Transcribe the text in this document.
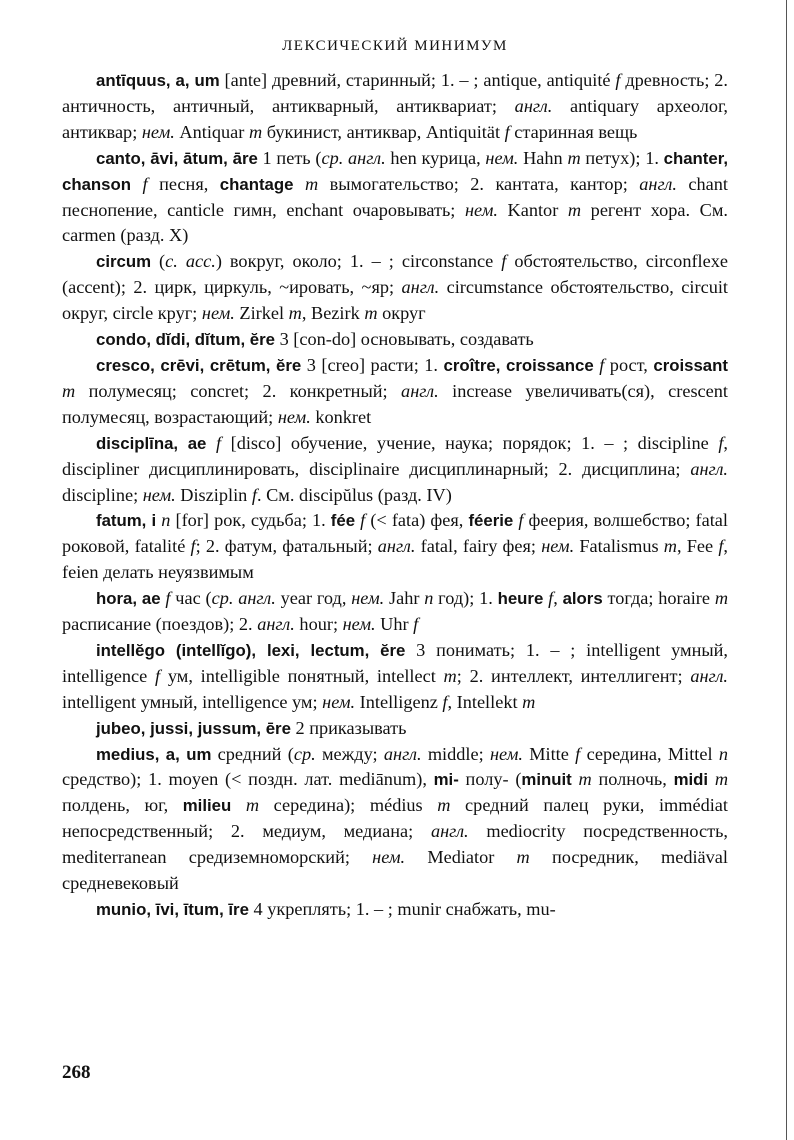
ЛЕКСИЧЕСКИЙ МИНИМУМ

antīquus, a, um [ante] древний, старинный; 1. – ; antique, antiquité f древность; 2. античность, античный, антикварный, антиквариат; англ. antiquary археолог, антиквар; нем. Antiquar m букинист, антиквар, Antiquität f старинная вещь

canto, āvi, ātum, āre 1 петь (ср. англ. hen курица, нем. Hahn m петух); 1. chanter, chanson f песня, chantage m вымогательство; 2. кантата, кантор; англ. chant песнопение, canticle гимн, enchant очаровывать; нем. Kantor m регент хора. См. carmen (разд. X)

circum (c. acc.) вокруг, около; 1. – ; circonstance f обстоятельство, circonflexe (accent); 2. цирк, циркуль, ~ировать, ~яр; англ. circumstance обстоятельство, circuit округ, circle круг; нем. Zirkel m, Bezirk m округ

condo, dĭdi, dĭtum, ĕre 3 [con-do] основывать, создавать

cresco, crēvi, crētum, ĕre 3 [creo] расти; 1. croître, croissance f рост, croissant m полумесяц; concret; 2. конкретный; англ. increase увеличивать(ся), crescent полумесяц, возрастающий; нем. konkret

disciplīna, ae f [disco] обучение, учение, наука; порядок; 1. – ; discipline f, discipliner дисциплинировать, disciplinaire дисциплинарный; 2. дисциплина; англ. discipline; нем. Disziplin f. См. discipŭlus (разд. IV)

fatum, i n [for] рок, судьба; 1. fée f (< fata) фея, féerie f феерия, волшебство; fatal роковой, fatalité f; 2. фатум, фатальный; англ. fatal, fairy фея; нем. Fatalismus m, Fee f, feien делать неуязвимым

hora, ae f час (ср. англ. year год, нем. Jahr n год); 1. heure f, alors тогда; horaire m расписание (поездов); 2. англ. hour; нем. Uhr f

intellĕgo (intellĭgo), lexi, lectum, ĕre 3 понимать; 1. – ; intelligent умный, intelligence f ум, intelligible понятный, intellect m; 2. интеллект, интеллигент; англ. intelligent умный, intelligence ум; нем. Intelligenz f, Intellekt m

jubeo, jussi, jussum, ēre 2 приказывать

medius, a, um средний (ср. между; англ. middle; нем. Mitte f середина, Mittel n средство); 1. moyen (< поздн. лат. mediānum), mi- полу- (minuit m полночь, midi m полдень, юг, milieu m середина); médius m средний палец руки, immédiat непосредственный; 2. медиум, медиана; англ. mediocrity посредственность, mediterranean средиземноморский; нем. Mediator m посредник, mediäval средневековый

munio, īvi, ītum, īre 4 укреплять; 1. – ; munir снабжать, mu-

268
